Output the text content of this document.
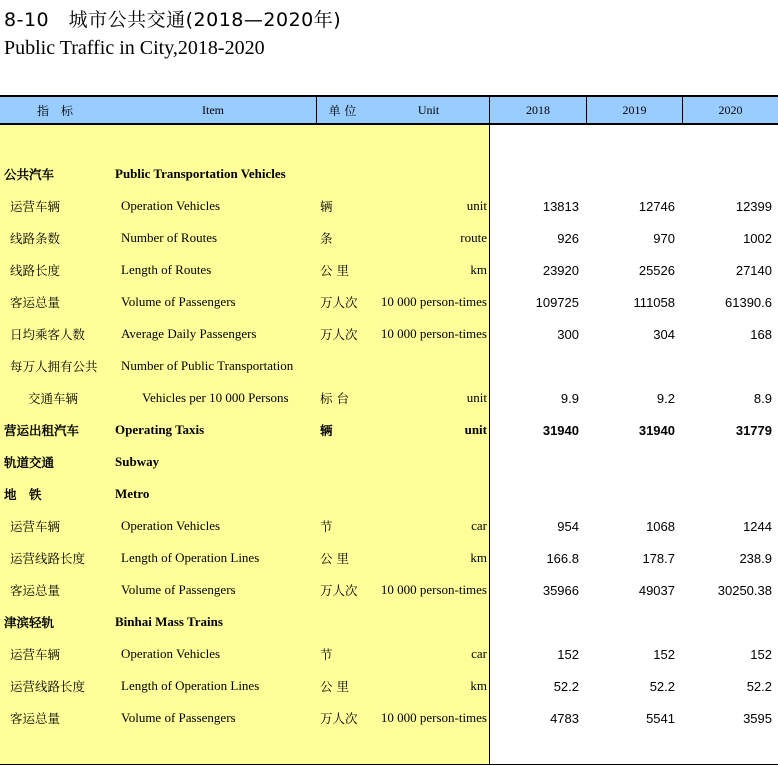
8-10　城市公共交通(2018—2020年)
Public Traffic in City,2018-2020
指　标	Item	单 位	Unit	2018	2019	2020
公共汽车	Public Transportation Vehicles
运营车辆	Operation Vehicles	辆	unit	13813	12746	12399
线路条数	Number of Routes	条	route	926	970	1002
线路长度	Length of Routes	公 里	km	23920	25526	27140
客运总量	Volume of Passengers	万人次	10 000 person-times	109725	111058	61390.6
日均乘客人数	Average Daily Passengers	万人次	10 000 person-times	300	304	168
每万人拥有公共 Number of Public Transportation
交通车辆	Vehicles per 10 000 Persons	标 台	unit	9.9	9.2	8.9
营运出租汽车	Operating Taxis	辆	unit	31940	31940	31779
轨道交通	Subway
地　铁	Metro
运营车辆	Operation Vehicles	节	car	954	1068	1244
运营线路长度	Length of Operation Lines	公 里	km	166.8	178.7	238.9
客运总量	Volume of Passengers	万人次	10 000 person-times	35966	49037	30250.38
津滨轻轨	Binhai Mass Trains
运营车辆	Operation Vehicles	节	car	152	152	152
运营线路长度	Length of Operation Lines	公 里	km	52.2	52.2	52.2
客运总量	Volume of Passengers	万人次	10 000 person-times	4783	5541	3595
